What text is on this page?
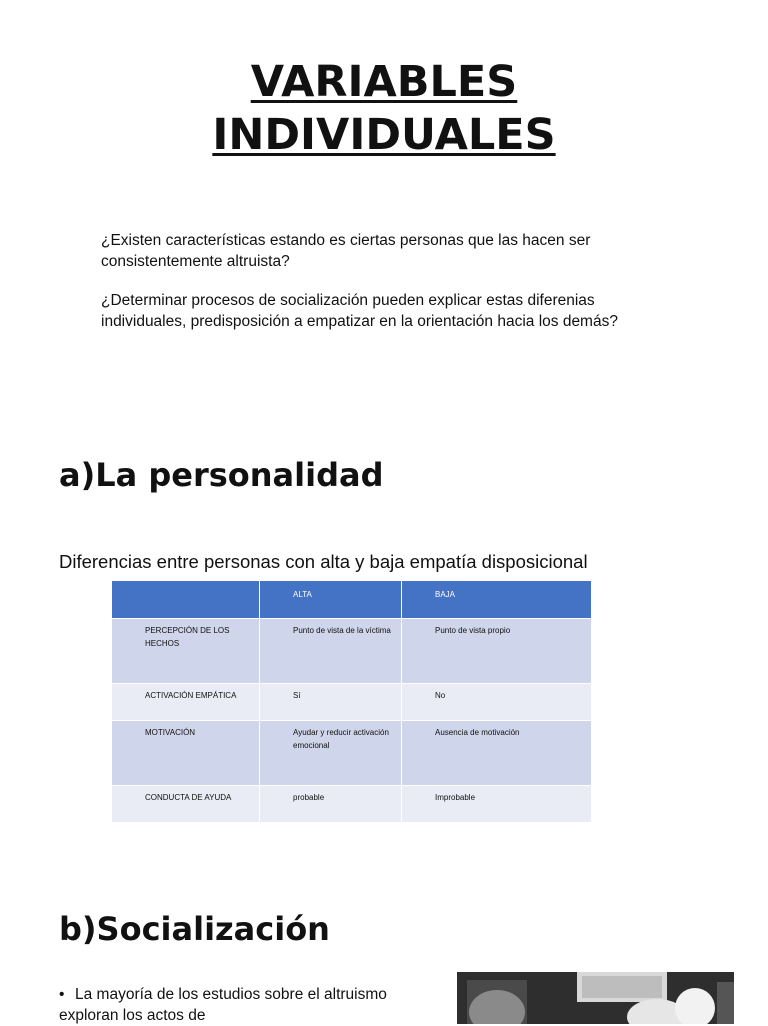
VARIABLES
INDIVIDUALES
¿Existen características estando es ciertas personas que las hacen ser consistentemente altruista?
¿Determinar procesos de socialización pueden explicar estas diferenias individuales, predisposición a empatizar en la orientación hacia los demás?
a)La personalidad
Diferencias entre personas con alta y baja empatía disposicional
	ALTA	BAJA
PERCEPCIÓN DE LOS HECHOS	Punto de vista de la víctima	Punto de vista propio
ACTIVACIÓN EMPÁTICA	Sí	No
MOTIVACIÓN	Ayudar y reducir activación emocional	Ausencia de motivación
CONDUCTA DE AYUDA	probable	Improbable
b)Socialización
• La mayoría de los estudios sobre el altruismo exploran los actos de
